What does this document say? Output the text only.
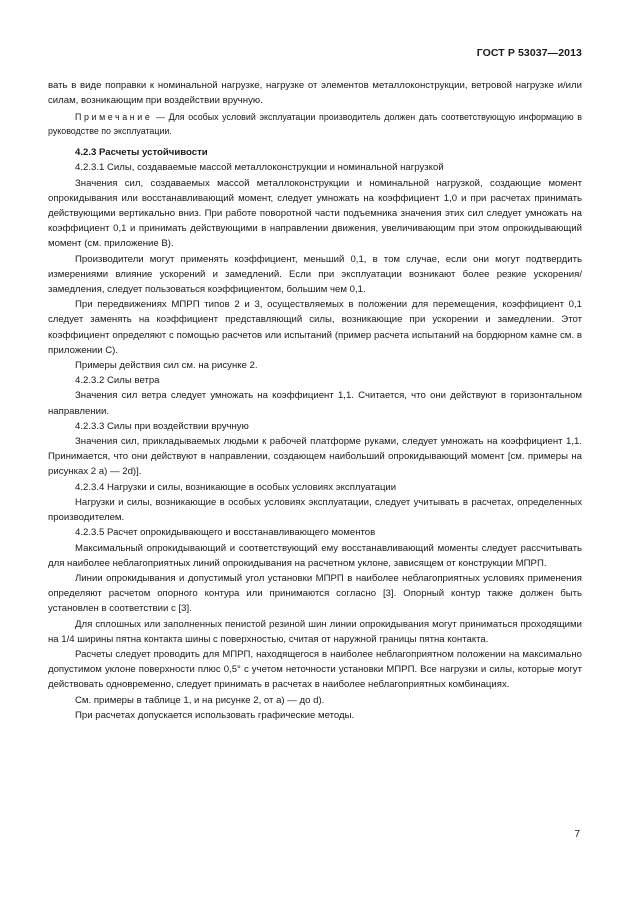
ГОСТ Р 53037—2013

вать в виде поправки к номинальной нагрузке, нагрузке от элементов металлоконструкции, ветровой нагрузке и/или силам, возникающим при воздействии вручную.

Примечание — Для особых условий эксплуатации производитель должен дать соответствующую информацию в руководстве по эксплуатации.

4.2.3 Расчеты устойчивости

4.2.3.1 Силы, создаваемые массой металлоконструкции и номинальной нагрузкой

Значения сил, создаваемых массой металлоконструкции и номинальной нагрузкой, создающие момент опрокидывания или восстанавливающий момент, следует умножать на коэффициент 1,0 и при расчетах принимать действующими вертикально вниз. При работе поворотной части подъемника значения этих сил следует умножать на коэффициент 0,1 и принимать действующими в направлении движения, увеличивающим при этом опрокидывающий момент (см. приложение В).

Производители могут применять коэффициент, меньший 0,1, в том случае, если они могут подтвердить измерениями влияние ускорений и замедлений. Если при эксплуатации возникают более резкие ускорения/замедления, следует пользоваться коэффициентом, большим чем 0,1.

При передвижениях МПРП типов 2 и 3, осуществляемых в положении для перемещения, коэффициент 0,1 следует заменять на коэффициент представляющий силы, возникающие при ускорении и замедлении. Этот коэффициент определяют с помощью расчетов или испытаний (пример расчета испытаний на бордюрном камне см. в приложении С).

Примеры действия сил см. на рисунке 2.

4.2.3.2 Силы ветра

Значения сил ветра следует умножать на коэффициент 1,1. Считается, что они действуют в горизонтальном направлении.

4.2.3.3 Силы при воздействии вручную

Значения сил, прикладываемых людьми к рабочей платформе руками, следует умножать на коэффициент 1,1. Принимается, что они действуют в направлении, создающем наибольший опрокидывающий момент [см. примеры на рисунках 2 a) — 2d)].

4.2.3.4 Нагрузки и силы, возникающие в особых условиях эксплуатации

Нагрузки и силы, возникающие в особых условиях эксплуатации, следует учитывать в расчетах, определенных производителем.

4.2.3.5 Расчет опрокидывающего и восстанавливающего моментов

Максимальный опрокидывающий и соответствующий ему восстанавливающий моменты следует рассчитывать для наиболее неблагоприятных линий опрокидывания на расчетном уклоне, зависящем от конструкции МПРП.

Линии опрокидывания и допустимый угол установки МПРП в наиболее неблагоприятных условиях применения определяют расчетом опорного контура или принимаются согласно [3]. Опорный контур также должен быть установлен в соответствии с [3].

Для сплошных или заполненных пенистой резиной шин линии опрокидывания могут приниматься проходящими на 1/4 ширины пятна контакта шины с поверхностью, считая от наружной границы пятна контакта.

Расчеты следует проводить для МПРП, находящегося в наиболее неблагоприятном положении на максимально допустимом уклоне поверхности плюс 0,5° с учетом неточности установки МПРП. Все нагрузки и силы, которые могут действовать одновременно, следует принимать в расчетах в наиболее неблагоприятных комбинациях.

См. примеры в таблице 1, и на рисунке 2, от а) — до d).

При расчетах допускается использовать графические методы.

7
